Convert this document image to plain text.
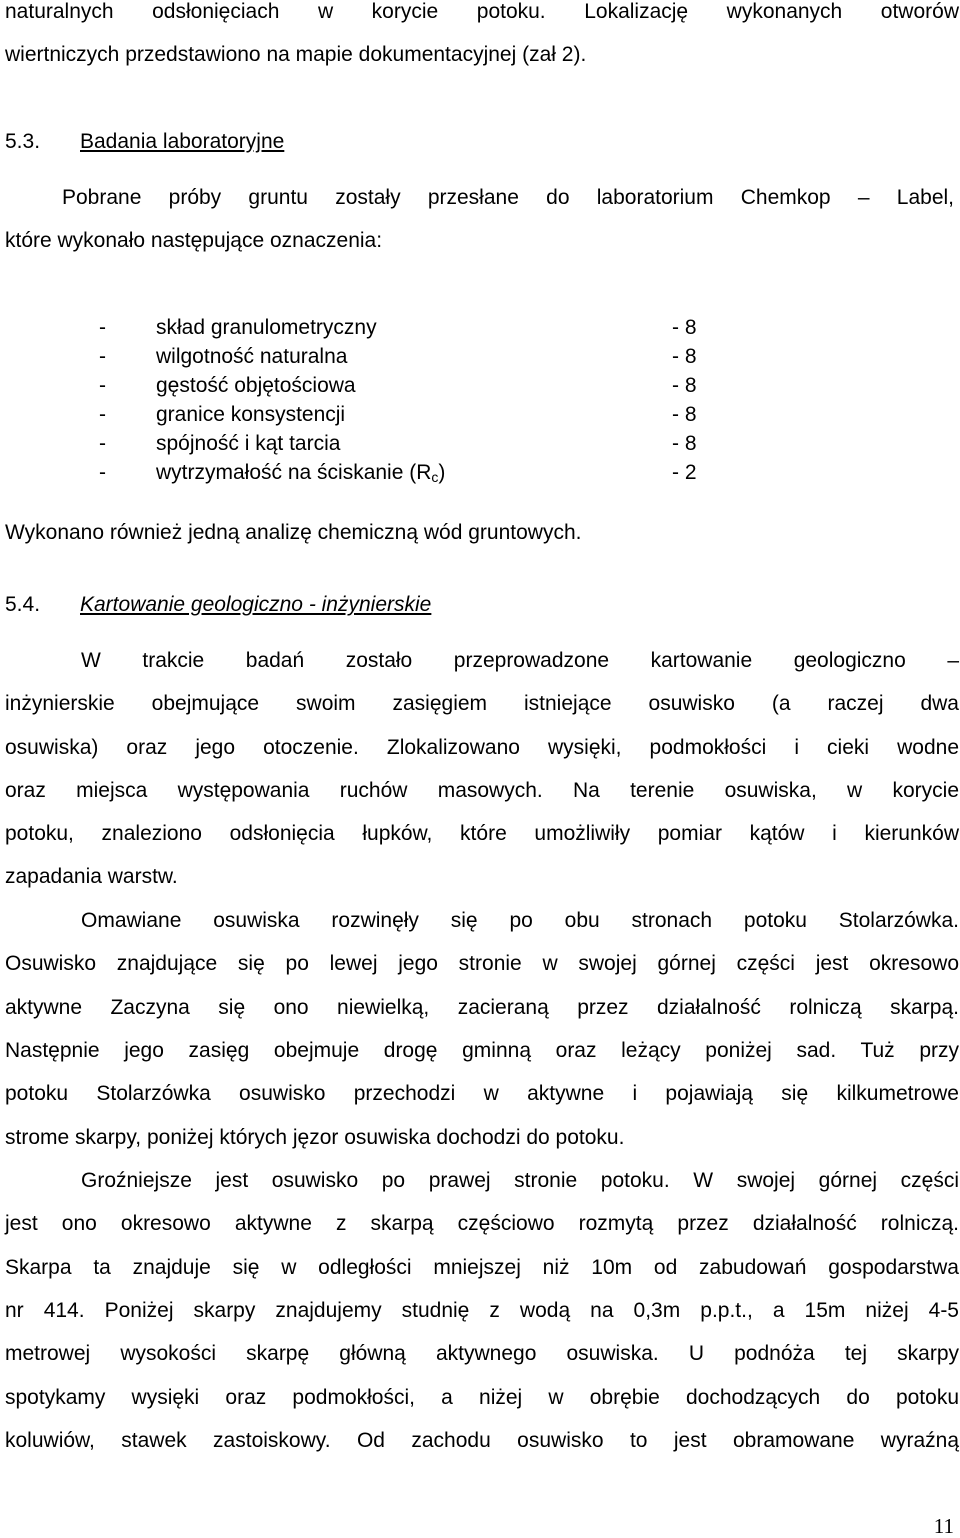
naturalnych odsłonięciach w korycie potoku. Lokalizację wykonanych otworów
wiertniczych przedstawiono na mapie dokumentacyjnej (zał 2).
5.3. Badania laboratoryjne
Pobrane próby gruntu zostały przesłane do laboratorium Chemkop – Label,
które wykonało następujące oznaczenia:
- skład granulometryczny	- 8
- wilgotność naturalna	- 8
- gęstość objętościowa	- 8
- granice konsystencji	- 8
- spójność i kąt tarcia	- 8
- wytrzymałość na ściskanie $(R_c)$	- 2
Wykonano również jedną analizę chemiczną wód gruntowych.
5.4. Kartowanie geologiczno - inżynierskie
W trakcie badań zostało przeprowadzone kartowanie geologiczno –
inżynierskie obejmujące swoim zasięgiem istniejące osuwisko (a raczej dwa
osuwiska) oraz jego otoczenie. Zlokalizowano wysięki, podmokłości i cieki wodne
oraz miejsca występowania ruchów masowych. Na terenie osuwiska, w korycie
potoku, znaleziono odsłonięcia łupków, które umożliwiły pomiar kątów i kierunków
zapadania warstw.
Omawiane osuwiska rozwinęły się po obu stronach potoku Stolarzówka.
Osuwisko znajdujące się po lewej jego stronie w swojej górnej części jest okresowo
aktywne Zaczyna się ono niewielką, zacieraną przez działalność rolniczą skarpą.
Następnie jego zasięg obejmuje drogę gminną oraz leżący poniżej sad. Tuż przy
potoku Stolarzówka osuwisko przechodzi w aktywne i pojawiają się kilkumetrowe
strome skarpy, poniżej których jęzor osuwiska dochodzi do potoku.
Groźniejsze jest osuwisko po prawej stronie potoku. W swojej górnej części
jest ono okresowo aktywne z skarpą częściowo rozmytą przez działalność rolniczą.
Skarpa ta znajduje się w odległości mniejszej niż 10m od zabudowań gospodarstwa
nr 414. Poniżej skarpy znajdujemy studnię z wodą na 0,3m p.p.t., a 15m niżej 4-5
metrowej wysokości skarpę główną aktywnego osuwiska. U podnóża tej skarpy
spotykamy wysięki oraz podmokłości, a niżej w obrębie dochodzących do potoku
koluwiów, stawek zastoiskowy. Od zachodu osuwisko to jest obramowane wyraźną
11
